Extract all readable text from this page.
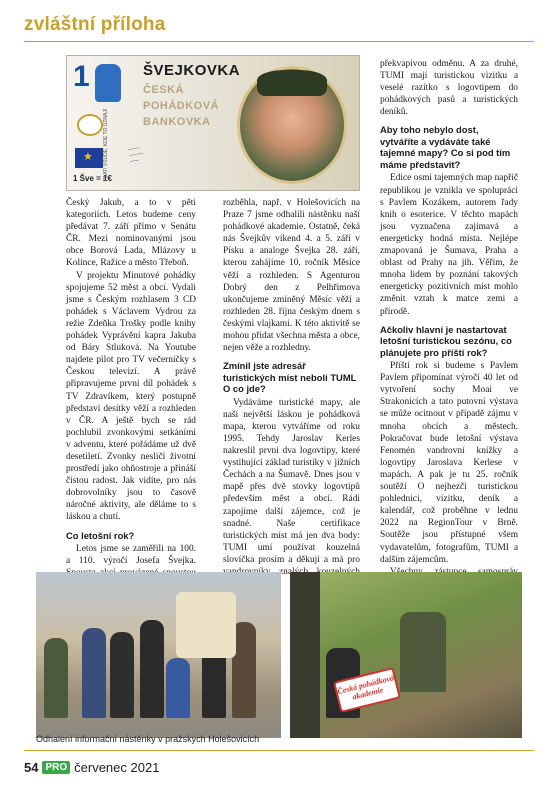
zvláštní příloha
1
★
1 Šve = 1€
PLATÍ VŠUDE, KDE TO UZNAJÍ
ŠVEJKOVKA
ČESKÁ
POHÁDKOVÁ
BANKOVKA
~~~~
~~~~~
~~~

Český Jakub, a to v pěti kategoriích. Letos budeme ceny předávat 7. září přímo v Senátu ČR. Mezi nominovanými jsou obce Borová Lada, Mlázovy u Kolince, Ražice a město Třeboň.

V projektu Minutové pohádky spojujeme 52 měst a obcí. Vydali jsme s Českým rozhlasem 3 CD pohádek s Václavem Vydrou za režie Zdeňka Trošky podle knihy pohádek Vyprávění kapra Jakuba od Báry Stluková. Na Youtube najdete pilot pro TV večerníčky s Českou televizí. A právě připravujeme první díl pohádek s TV Zdravíkem, který postupně představí desítky věží a rozhleden v ČR. A ještě bych se rád pochlubil zvonkovými setkáními v adventu, které pořádáme už dvě desetiletí. Zvonky nesličí životní prostředí jako ohňostroje a přináší čistou radost. Jak vidíte, pro nás dobrovolníky jsou to časově náročné aktivity, ale děláme to s láskou a chutí.

Co letošní rok?

Letos jsme se zaměřili na 100. a 110. výročí Josefa Švejka.

rozběhla, např. v Holešovicích na Praze 7 jsme odhalili nástěnku naší pohádkové akademie. Ostatně, čeká nás Švejkův víkend 4. a 5. září v Písku a analoge Švejka 28. září, kterou zahájíme 10. ročník Měsíce věží a rozhleden. S Agenturou Dobrý den z Pelhřimova ukončujeme zmíněný Měsíc věží a rozhleden 28. října českým dnem s českými vlajkami. K této aktivitě se mohou přidat všechna města a obce, nejen věže a rozhledny.

Zmínil jste adresář turistických míst neboli TUML O co jde?

Vydáváme turistické mapy, ale naší největší láskou je pohádková mapa, kterou vytváříme od roku 1995. Tehdy Jaroslav Kerles nakreslil první dva logovtipy, které vystihující základ turistiky v jižních Čechách a na Šumavě. Dnes jsou v mapě přes dvě stovky logovtipů především měst a obcí. Rádi zapojíme další zájemce, což je snadné. Naše certifikace turistických míst má jen dva body: TUMI umí používat kouzelná slovíčka prosím a děkuji a má pro

překvapivou odměnu. A za druhé, TUMI mají turistickou vizitku a veselé razítko s logovtipem do pohádkových pasů a turistických deníků.

Aby toho nebylo dost, vytváříte a vydáváte také tajemné mapy? Co si pod tím máme představit?

Edice osmi tajemných map napříč republikou je vznikla ve spolupráci s Pavlem Kozákem, autorem řady knih o esoterice. V těchto mapách jsou vyznačena zajímavá a energeticky hodná místa. Nejlépe zmapovaná je Šumava, Praha a oblast od Prahy na jih. Věřím, že mnoha lidem by poznání takových energeticky pozitivních míst mohlo změnit vztah k matce zemi a přírodě.

Ačkoliv hlavní je nastartovat letošní turistickou sezónu, co plánujete pro příští rok?

Příští rok si budeme s Pavlem Pavlem připomínat výročí 40 let od vytvoření sochy Moai ve Strakonicích a tato putovní výstava se může ocitnout v případě zájmu v mnoha obcích a městech. Pokračovat bude letošní výstava Fenomén vandrovní knížky a logovtipy Jaroslava Kerlese v mapách. A pak je tu 25. ročník soutěží O nejhezčí turistickou pohlednici, vizitku, deník a kalendář, což proběhne v lednu 2022 na RegionTour v Brně. Soutěže jsou přístupné všem vydavatelům, fotografům, TUMI a dalším zájemcům.

Odhalení informační nástěnky v pražských Holešovicích
Česká pohádková akademie
54 PRO červenec 2021
